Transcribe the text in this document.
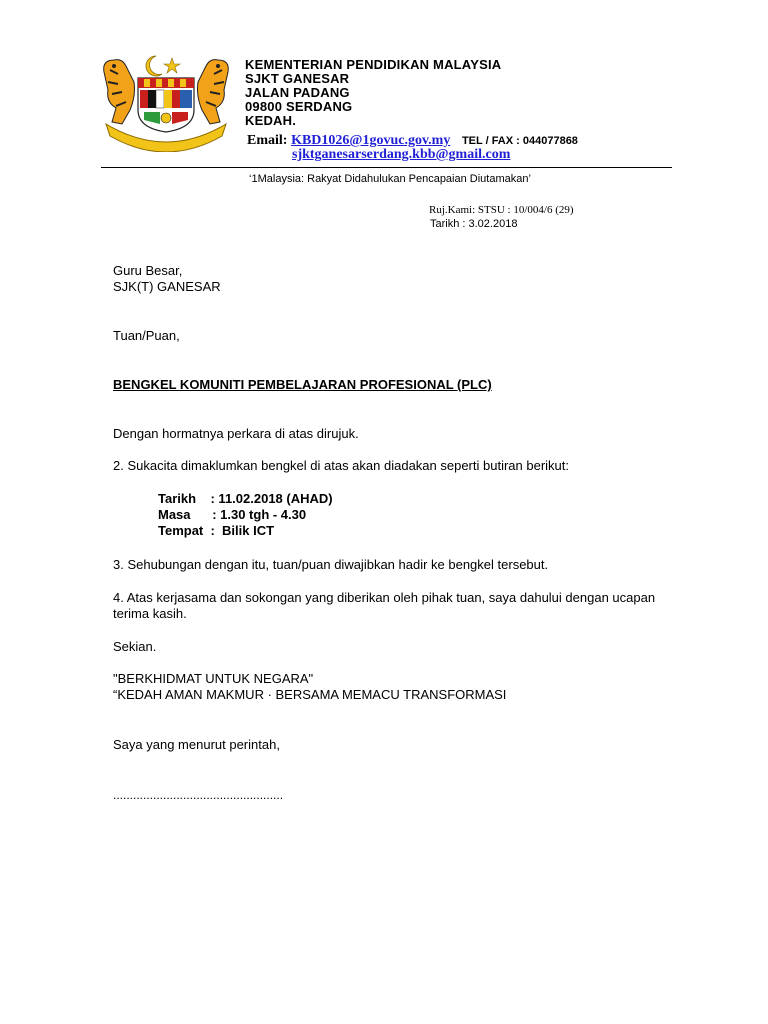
KEMENTERIAN PENDIDIKAN MALAYSIA
SJKT GANESAR
JALAN PADANG
09800 SERDANG
KEDAH.
Email: KBD1026@1govuc.gov.my TEL / FAX : 044077868
sjktganesarserdang.kbb@gmail.com
‘1Malaysia: Rakyat Didahulukan Pencapaian Diutamakan’
Ruj.Kami: STSU : 10/004/6 (29)
Tarikh : 3.02.2018
Guru Besar,
SJK(T) GANESAR
Tuan/Puan,
BENGKEL KOMUNITI PEMBELAJARAN PROFESIONAL (PLC)
Dengan hormatnya perkara di atas dirujuk.
2. Sukacita dimaklumkan bengkel di atas akan diadakan seperti butiran berikut:
Tarikh    : 11.02.2018 (AHAD)
Masa      : 1.30 tgh - 4.30
Tempat  :  Bilik ICT
3. Sehubungan dengan itu, tuan/puan diwajibkan hadir ke bengkel tersebut.
4. Atas kerjasama dan sokongan yang diberikan oleh pihak tuan, saya dahului dengan ucapan terima kasih.
Sekian.
"BERKHIDMAT UNTUK NEGARA"
“KEDAH AMAN MAKMUR · BERSAMA MEMACU TRANSFORMASI
Saya yang menurut perintah,
...................................................
